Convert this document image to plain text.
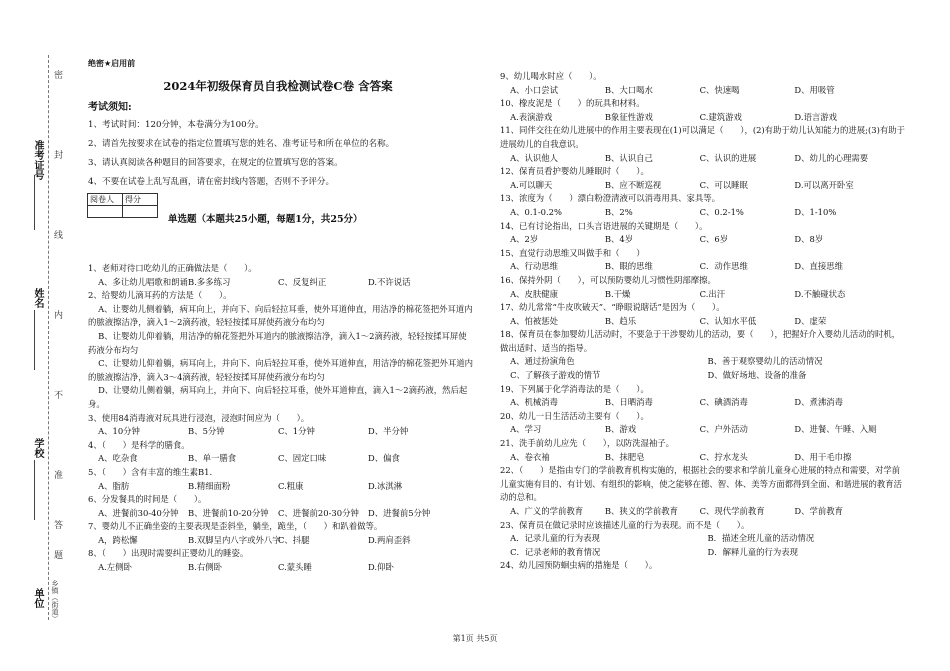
准考证号
姓名
学校
单位 乡镇（街道）
密
封
线
内
不
准
答
题
绝密★启用前
2024年初级保育员自我检测试卷C卷 含答案
考试须知:
1、考试时间：120分钟，本卷满分为100分。
2、请首先按要求在试卷的指定位置填写您的姓名、准考证号和所在单位的名称。
3、请认真阅读各种题目的回答要求，在规定的位置填写您的答案。
4、不要在试卷上乱写乱画，请在密封线内答题，否则不予评分。
阅卷人	得分

单选题（本题共25小题，每题1分，共25分）
1、老师对待口吃幼儿的正确做法是（　　）。
A、多让幼儿唱歌和朗诵B.多多练习	C、反复纠正	D.不许说话
2、给婴幼儿滴耳药的方法是（　　）。
A、让婴幼儿侧着躺，病耳向上，并向下、向后轻拉耳垂，使外耳道伸直，用洁净的棉花签把外耳道内的脓液擦洁净，滴入1～2滴药液，轻轻按揉耳屏使药液分布均匀
B、让婴幼儿仰着躺，用洁净的棉花签把外耳道内的脓液擦洁净，滴入1～2滴药液，轻轻按揉耳屏使药液分布均匀
C、让婴幼儿仰着躺，病耳向上，并向下、向后轻拉耳垂，使外耳道伸直，用洁净的棉花签把外耳道内的脓液擦洁净，滴入3～4滴药液，轻轻按揉耳屏使药液分布均匀
D、让婴幼儿侧着躺，病耳向上，并向下、向后轻拉耳垂，使外耳道伸直，滴入1～2滴药液，然后起身。
3、使用84消毒液对玩具进行浸泡，浸泡时间应为（　　）。
A、10分钟	B、5分钟	C、1分钟	D、半分钟
4、（　　）是科学的膳食。
A、吃杂食	B、单一膳食	C、固定口味	D、偏食
5、（　　）含有丰富的维生素B1.
A、脂肪	B.精细面粉	C.粗康	D.冰淇淋
6、分发餐具的时间是（　　）。
A、进餐前30-40分钟 B、进餐前10-20分钟 C、进餐前20-30分钟 D、进餐前5分钟
7、婴幼儿不正确坐姿的主要表现是歪斜坐，躺坐，跪坐，（　　）和趴着做等。
A，跨松懈	B.双脚呈内八字或外八字C、抖腿	D.两肩歪斜
8、（　　）出现时需要纠正婴幼儿的睡姿。
A.左侧卧	B.右侧卧	C.蒙头睡	D.仰卧
9、幼儿喝水时应（　　）。
A、小口尝试	B、大口喝水	C、快速喝	D、用吸管
10、橡皮泥是（　　）的玩具和材料。
A.表演游戏	B象征性游戏	C.建筑游戏	D.语言游戏
11、同伴交往在幼儿进展中的作用主要表现在(1)可以满足（　　），(2)有助于幼儿认知能力的进展;(3)有助于进展幼儿的自我意识。
A、认识他人	B、认识自己	C、认识的进展	D、幼儿的心理需要
12、保育员看护婴幼儿睡眠时（　　）。
A.可以聊天	B、应不断巡视	C、可以睡眠	D.可以离开卧室
13、浓度为（　　）漂白粉澄清液可以消毒用具、家具等。
A、0.1-0.2%	B、2%	C、0.2-1%	D、1-10%
14、已有讨论指出，口头言语进展的关键期是（　　）。
A、2岁	B、4岁	C、6岁	D、8岁
15、直觉行动思维又叫做手和（　　）
A、行动思维	B、眼的思维	C．动作思维	D、直接思维
16、保持外阴（　　），可以预防婴幼儿习惯性阴部摩擦。
A、皮肤健康	B.干燥	C.出汗	D.不触碰状态
17、幼儿常常“牛皮吹破天”、“睁眼说瞎话”是因为（　　）。
A、怕被惩处	B、趋乐	C、认知水平低	D、虚荣
18、保育员在参加婴幼儿活动时，不要急于干涉婴幼儿的活动，要（　　），把握好介入婴幼儿活动的时机，做出适时、适当的指导。
A、通过扮演角色	B、善于观察婴幼儿的活动情况
C、了解孩子游戏的情节	D、做好场地、设备的准备
19、下列属于化学消毒法的是（　　）。
A、机械消毒	B、日晒消毒	C、碘酒消毒	D、煮沸消毒
20、幼儿一日生活活动主要有（　　）。
A、学习	B、游戏	C、户外活动	D、进餐、午睡、入厕
21、洗手前幼儿应先（　　），以防洗湿袖子。
A、卷衣袖	B、抹肥皂	C、拧水龙头	D、用干毛巾擦
22、（　　）是指由专门的学前教育机构实施的，根据社会的要求和学前儿童身心进展的特点和需要，对学前儿童实施有目的、有计划、有组织的影响，使之能够在德、智、体、美等方面都得到全面、和谐进展的教育活动的总和。
A、广义的学前教育	B、狭义的学前教育	C、现代学前教育	D、学前教育
23、保育员在做记录时应该描述儿童的行为表现。而不是（　　）。
A．记录儿童的行为表现	B．描述全班儿童的活动情况
C．记录老师的教育情况	D．解释儿童的行为表现
24、幼儿园预防蛔虫病的措施是（　　）。
第1页 共5页
